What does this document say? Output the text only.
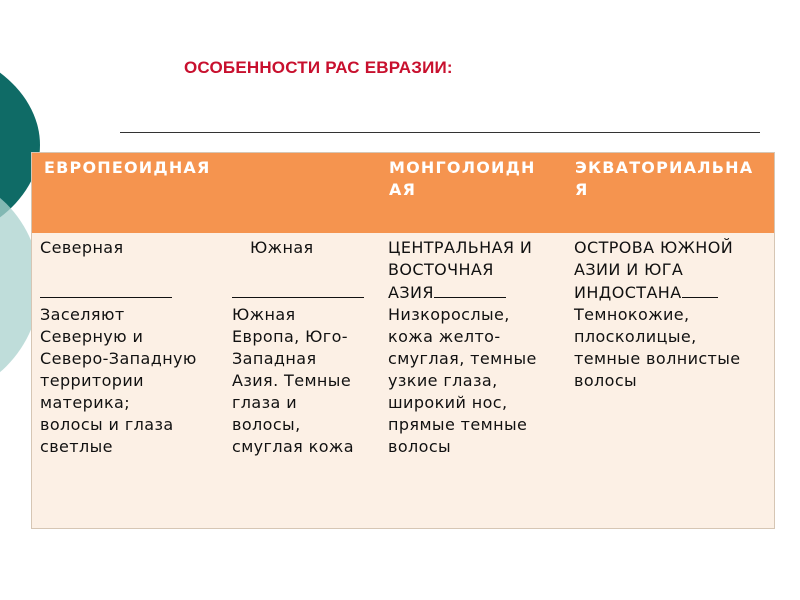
ОСОБЕННОСТИ РАС ЕВРАЗИИ:
ЕВРОПЕОИДНАЯ	МОНГОЛОИДН
АЯ
ЭКВАТОРИАЛЬНА
Я
Северная
Заселяют
Северную и
Северо-Западную
территории
материка;
волосы и глаза
светлые
Южная
Южная
Европа, Юго-
Западная
Азия. Темные
глаза и
волосы,
смуглая кожа
ЦЕНТРАЛЬНАЯ И
ВОСТОЧНАЯ
АЗИЯ
Низкорослые,
кожа желто-
смуглая, темные
узкие глаза,
широкий нос,
прямые темные
волосы
ОСТРОВА ЮЖНОЙ
АЗИИ И ЮГА
ИНДОСТАНА
Темнокожие,
плосколицые,
темные волнистые
волосы
